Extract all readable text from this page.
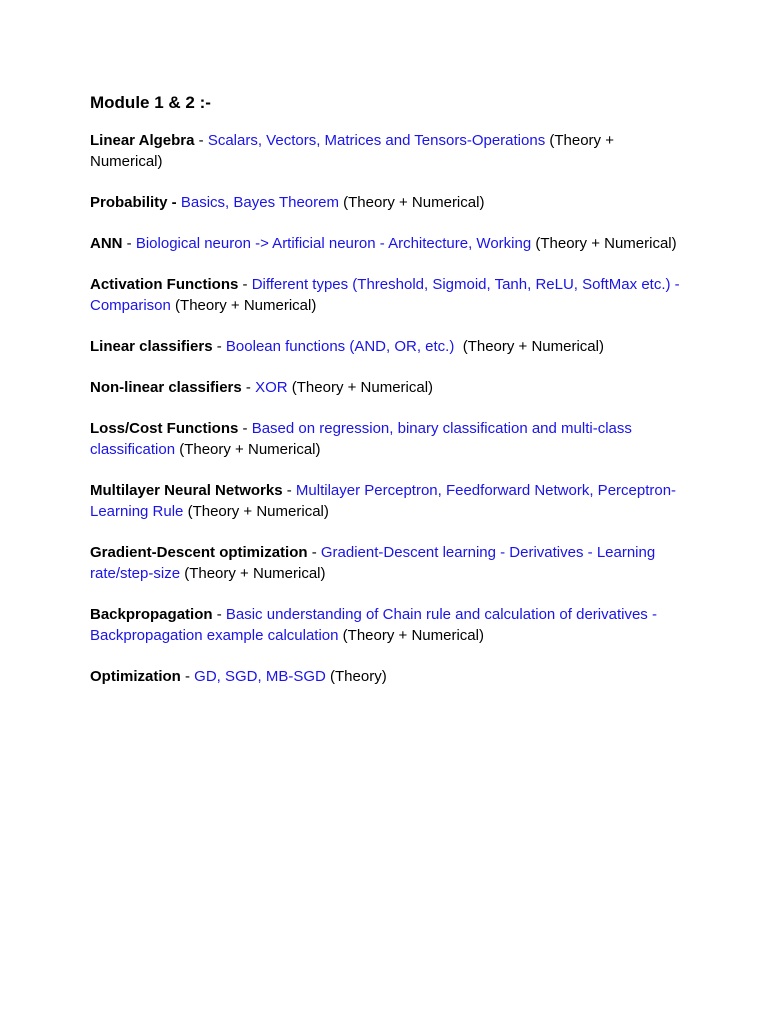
Module 1 & 2 :-

Linear Algebra - Scalars, Vectors, Matrices and Tensors-Operations (Theory + Numerical)

Probability - Basics, Bayes Theorem (Theory + Numerical)

ANN - Biological neuron -> Artificial neuron - Architecture, Working (Theory + Numerical)

Activation Functions - Different types (Threshold, Sigmoid, Tanh, ReLU, SoftMax etc.) - Comparison (Theory + Numerical)

Linear classifiers - Boolean functions (AND, OR, etc.)  (Theory + Numerical)

Non-linear classifiers - XOR (Theory + Numerical)

Loss/Cost Functions - Based on regression, binary classification and multi-class classification (Theory + Numerical)

Multilayer Neural Networks - Multilayer Perceptron, Feedforward Network, Perceptron-Learning Rule (Theory + Numerical)

Gradient-Descent optimization - Gradient-Descent learning - Derivatives - Learning rate/step-size (Theory + Numerical)

Backpropagation - Basic understanding of Chain rule and calculation of derivatives - Backpropagation example calculation (Theory + Numerical)

Optimization - GD, SGD, MB-SGD (Theory)
